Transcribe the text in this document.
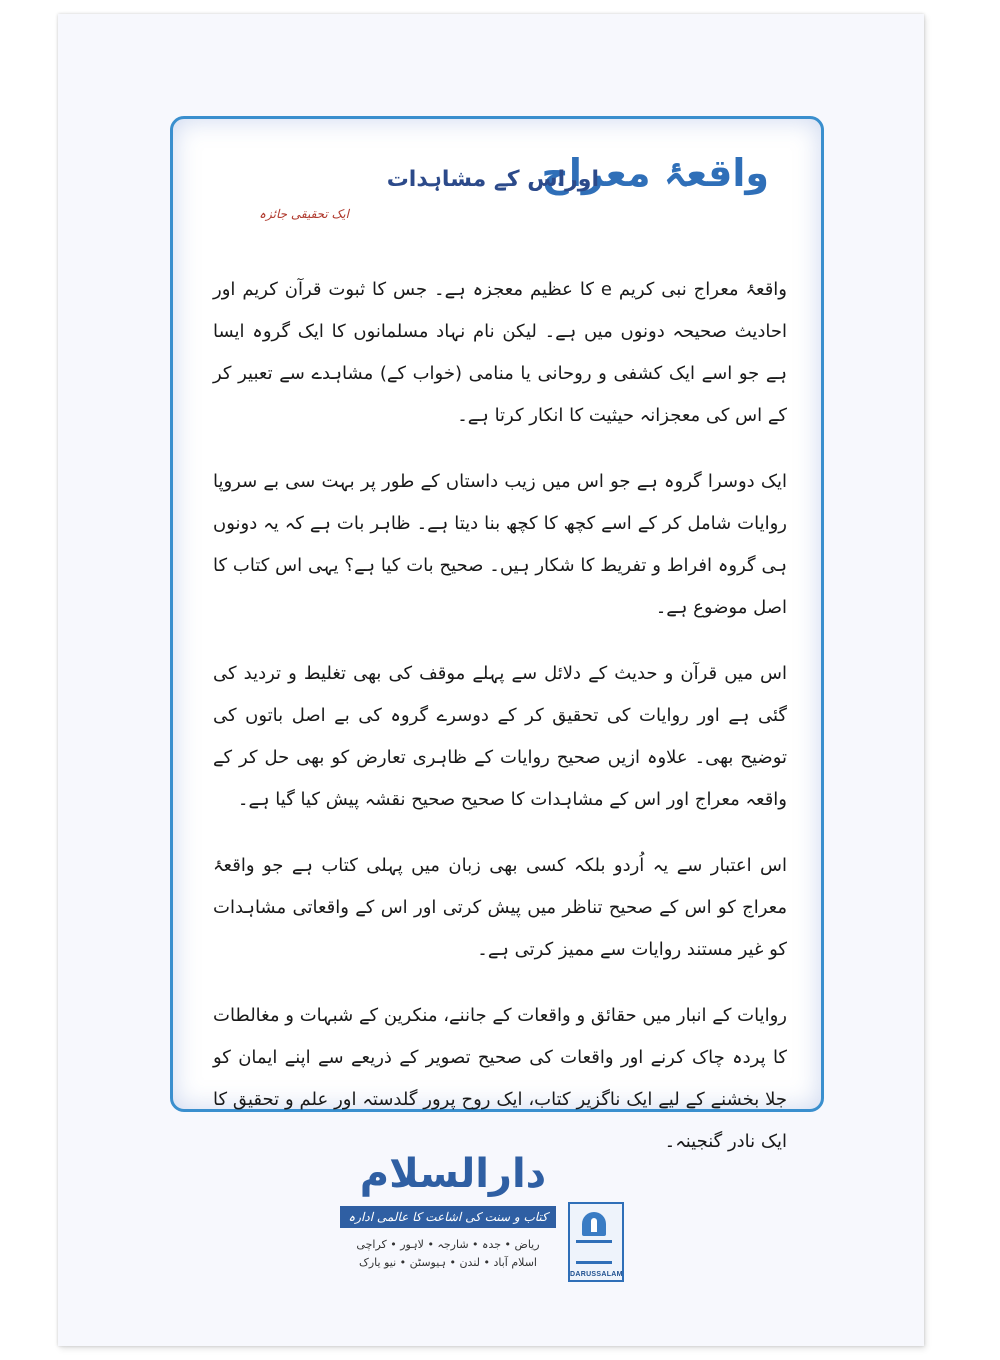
واقعۂ معراج
اوراس کے مشاہدات
ایک تحقیقی جائزہ

واقعۂ معراج نبی کریم e کا عظیم معجزہ ہے۔ جس کا ثبوت قرآن کریم اور احادیث صحیحہ دونوں میں ہے۔ لیکن نام نہاد مسلمانوں کا ایک گروہ ایسا ہے جو اسے ایک کشفی و روحانی یا منامی (خواب کے) مشاہدے سے تعبیر کر کے اس کی معجزانہ حیثیت کا انکار کرتا ہے۔

ایک دوسرا گروہ ہے جو اس میں زیب داستاں کے طور پر بہت سی بے سروپا روایات شامل کر کے اسے کچھ کا کچھ بنا دیتا ہے۔ ظاہر بات ہے کہ یہ دونوں ہی گروہ افراط و تفریط کا شکار ہیں۔ صحیح بات کیا ہے؟ یہی اس کتاب کا اصل موضوع ہے۔

اس میں قرآن و حدیث کے دلائل سے پہلے موقف کی بھی تغلیط و تردید کی گئی ہے اور روایات کی تحقیق کر کے دوسرے گروہ کی بے اصل باتوں کی توضیح بھی۔ علاوہ ازیں صحیح روایات کے ظاہری تعارض کو بھی حل کر کے واقعہ معراج اور اس کے مشاہدات کا صحیح صحیح نقشہ پیش کیا گیا ہے۔

اس اعتبار سے یہ اُردو بلکہ کسی بھی زبان میں پہلی کتاب ہے جو واقعۂ معراج کو اس کے صحیح تناظر میں پیش کرتی اور اس کے واقعاتی مشاہدات کو غیر مستند روایات سے ممیز کرتی ہے۔

روایات کے انبار میں حقائق و واقعات کے جاننے، منکرین کے شبہات و مغالطات کا پردہ چاک کرنے اور واقعات کی صحیح تصویر کے ذریعے سے اپنے ایمان کو جلا بخشنے کے لیے ایک ناگزیر کتاب، ایک روح پرور گلدستہ اور علم و تحقیق کا ایک نادر گنجینہ۔

دارالسلام
کتاب و سنت کی اشاعت کا عالمی ادارہ
ریاض • جدہ • شارجہ • لاہور • کراچی
اسلام آباد • لندن • ہیوسٹن • نیو یارک
DARUSSALAM
